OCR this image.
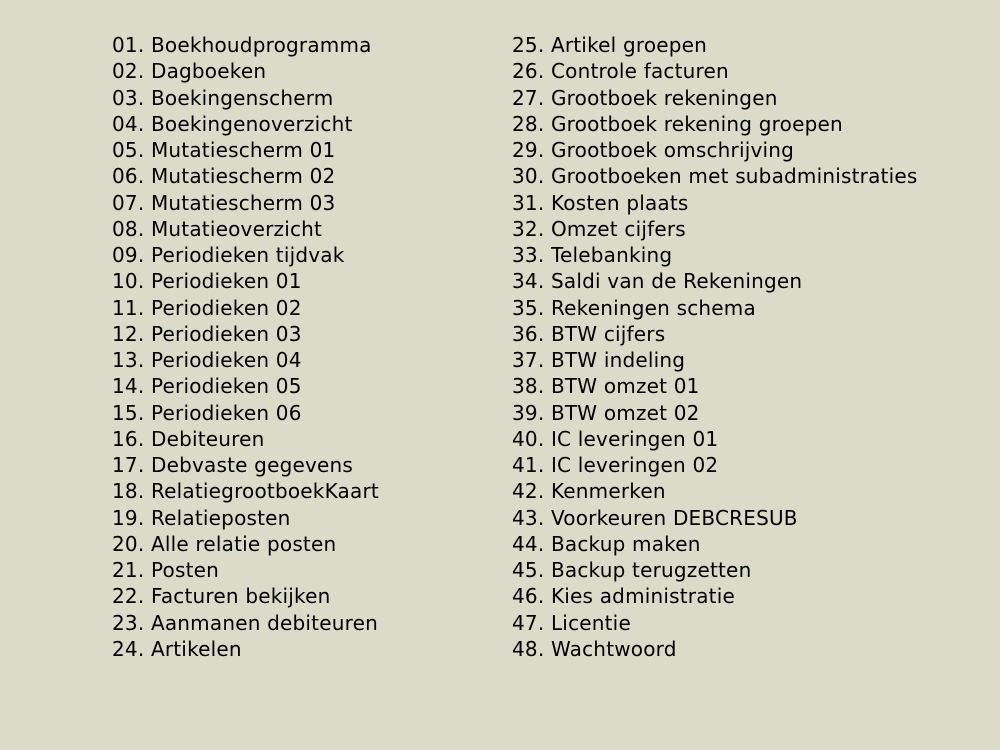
01. Boekhoudprogramma
02. Dagboeken
03. Boekingenscherm
04. Boekingenoverzicht
05. Mutatiescherm 01
06. Mutatiescherm 02
07. Mutatiescherm 03
08. Mutatieoverzicht
09. Periodieken tijdvak
10. Periodieken 01
11. Periodieken 02
12. Periodieken 03
13. Periodieken 04
14. Periodieken 05
15. Periodieken 06
16. Debiteuren
17. Debvaste gegevens
18. RelatiegrootboekKaart
19. Relatieposten
20. Alle relatie posten
21. Posten
22. Facturen bekijken
23. Aanmanen debiteuren
24. Artikelen
25. Artikel groepen
26. Controle facturen
27. Grootboek rekeningen
28. Grootboek rekening groepen
29. Grootboek omschrijving
30. Grootboeken met subadministraties
31. Kosten plaats
32. Omzet cijfers
33. Telebanking
34. Saldi van de Rekeningen
35. Rekeningen schema
36. BTW cijfers
37. BTW indeling
38. BTW omzet 01
39. BTW omzet 02
40. IC leveringen 01
41. IC leveringen 02
42. Kenmerken
43. Voorkeuren DEBCRESUB
44. Backup maken
45. Backup terugzetten
46. Kies administratie
47. Licentie
48. Wachtwoord
